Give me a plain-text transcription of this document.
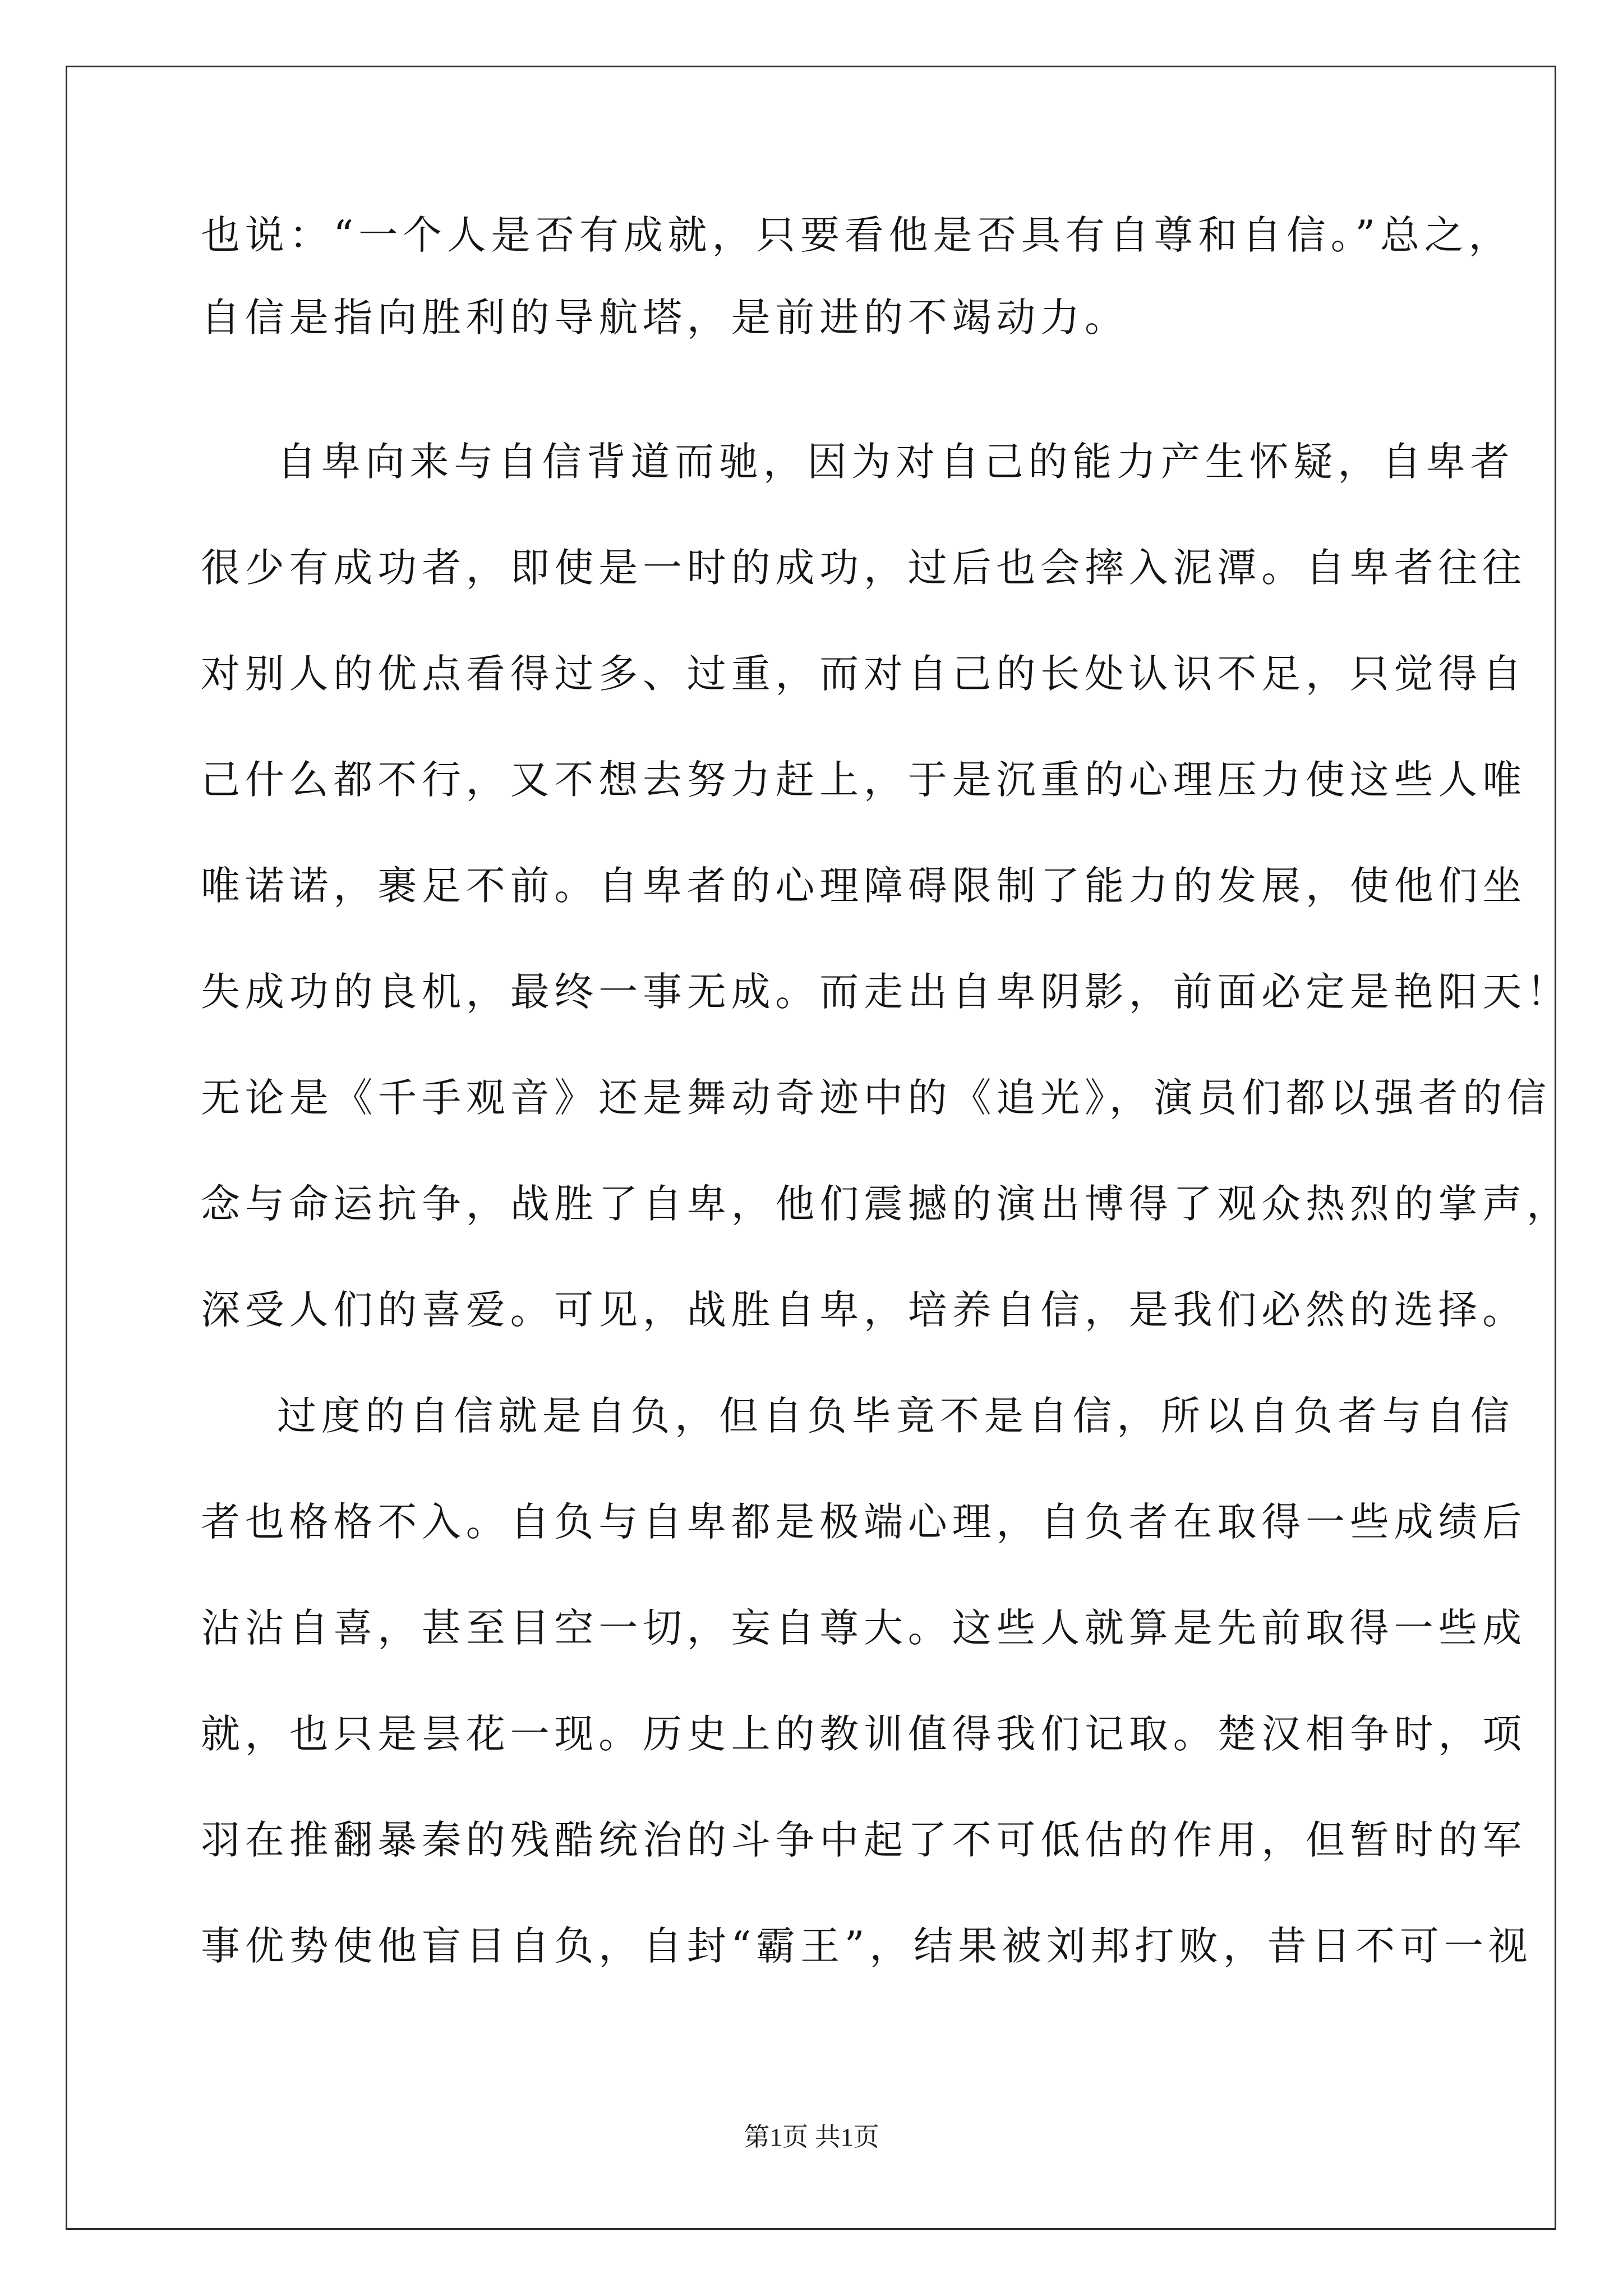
也说：“一个人是否有成就，只要看他是否具有自尊和自信。”总之，
自信是指向胜利的导航塔，是前进的不竭动力。
自卑向来与自信背道而驰，因为对自己的能力产生怀疑，自卑者
很少有成功者，即使是一时的成功，过后也会摔入泥潭。自卑者往往
对别人的优点看得过多、过重，而对自己的长处认识不足，只觉得自
己什么都不行，又不想去努力赶上，于是沉重的心理压力使这些人唯
唯诺诺，裹足不前。自卑者的心理障碍限制了能力的发展，使他们坐
失成功的良机，最终一事无成。而走出自卑阴影，前面必定是艳阳天！
无论是《千手观音》还是舞动奇迹中的《追光》，演员们都以强者的信
念与命运抗争，战胜了自卑，他们震撼的演出博得了观众热烈的掌声，
深受人们的喜爱。可见，战胜自卑，培养自信，是我们必然的选择。
过度的自信就是自负，但自负毕竟不是自信，所以自负者与自信
者也格格不入。自负与自卑都是极端心理，自负者在取得一些成绩后
沾沾自喜，甚至目空一切，妄自尊大。这些人就算是先前取得一些成
就，也只是昙花一现。历史上的教训值得我们记取。楚汉相争时，项
羽在推翻暴秦的残酷统治的斗争中起了不可低估的作用，但暂时的军
事优势使他盲目自负，自封“霸王”，结果被刘邦打败，昔日不可一视
第1页 共1页
